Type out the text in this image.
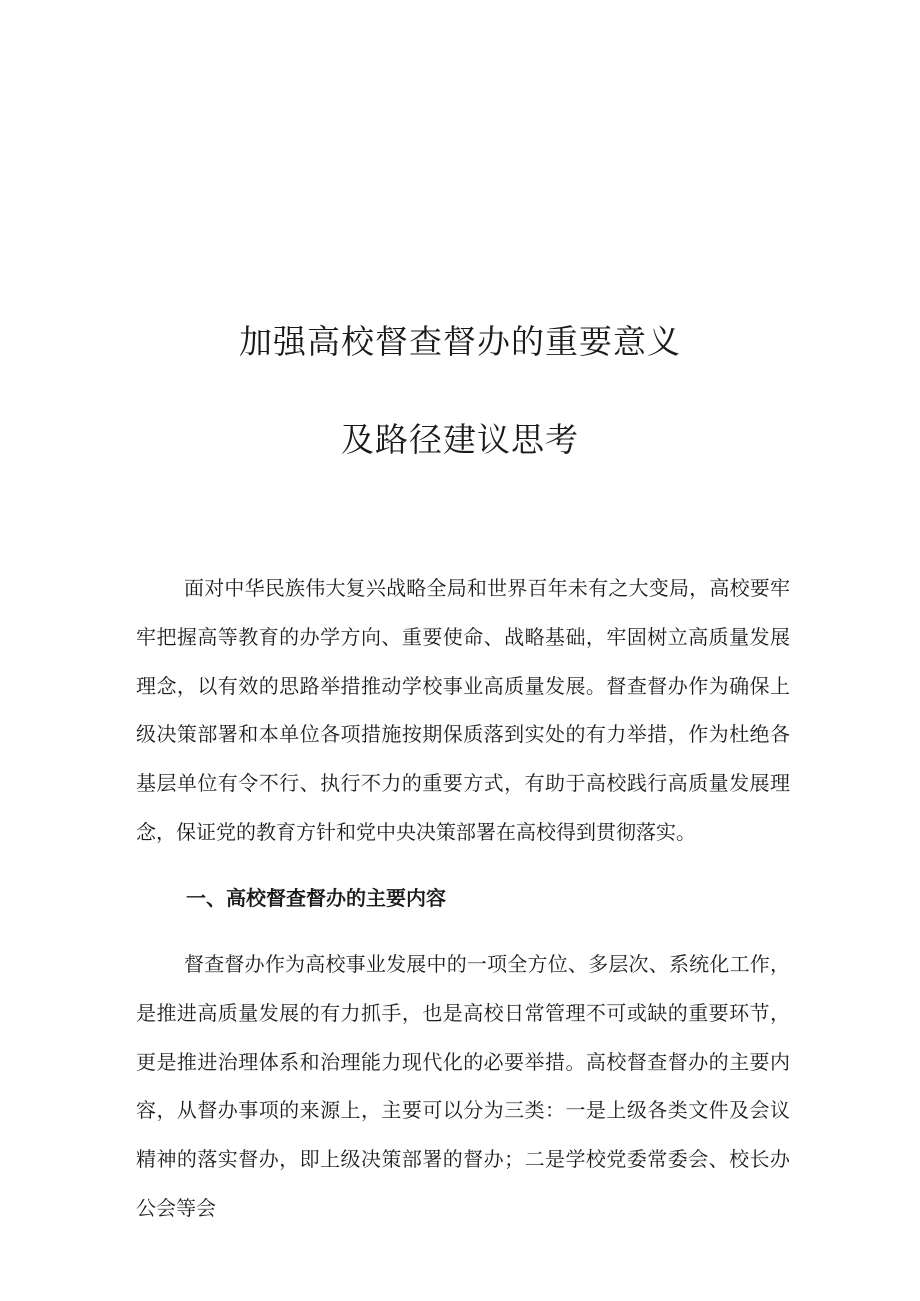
加强高校督查督办的重要意义
及路径建议思考

面对中华民族伟大复兴战略全局和世界百年未有之大变局，高校要牢牢把握高等教育的办学方向、重要使命、战略基础，牢固树立高质量发展理念，以有效的思路举措推动学校事业高质量发展。督查督办作为确保上级决策部署和本单位各项措施按期保质落到实处的有力举措，作为杜绝各基层单位有令不行、执行不力的重要方式，有助于高校践行高质量发展理念，保证党的教育方针和党中央决策部署在高校得到贯彻落实。

一、高校督查督办的主要内容

督查督办作为高校事业发展中的一项全方位、多层次、系统化工作，是推进高质量发展的有力抓手，也是高校日常管理不可或缺的重要环节，更是推进治理体系和治理能力现代化的必要举措。高校督查督办的主要内容，从督办事项的来源上，主要可以分为三类：一是上级各类文件及会议精神的落实督办，即上级决策部署的督办；二是学校党委常委会、校长办公会等会
